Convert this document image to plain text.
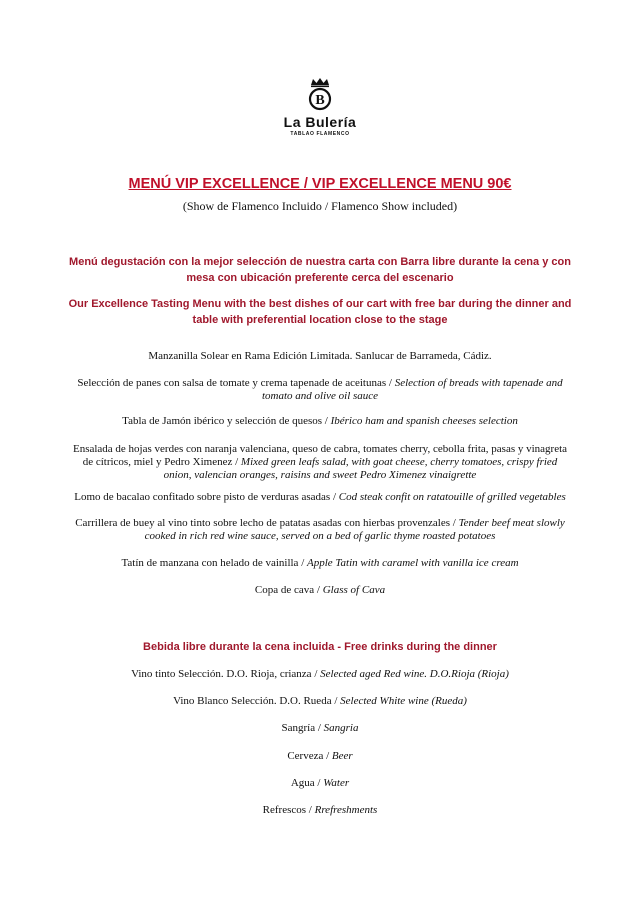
B
La Bulería
TABLAO FLAMENCO
MENÚ VIP EXCELLENCE / VIP EXCELLENCE MENU 90€
(Show de Flamenco Incluido / Flamenco Show included)
Menú degustación con la mejor selección de nuestra carta con Barra libre durante la cena y con mesa con ubicación preferente cerca del escenario
Our Excellence Tasting Menu with the best dishes of our cart with free bar during the dinner and table with preferential location close to the stage
Manzanilla Solear en Rama Edición Limitada. Sanlucar de Barrameda, Cádiz.
Selección de panes con salsa de tomate y crema tapenade de aceitunas / Selection of breads with tapenade and tomato and olive oil sauce
Tabla de Jamón ibérico y selección de quesos / Ibérico ham and spanish cheeses selection
Ensalada de hojas verdes con naranja valenciana, queso de cabra, tomates cherry, cebolla frita, pasas y vinagreta de cítricos, miel y Pedro Ximenez / Mixed green leafs salad, with goat cheese, cherry tomatoes, crispy fried onion, valencian oranges, raisins and sweet Pedro Ximenez vinaigrette
Lomo de bacalao confitado sobre pisto de verduras asadas / Cod steak confit on ratatouille of grilled vegetables
Carrillera de buey al vino tinto sobre lecho de patatas asadas con hierbas provenzales / Tender beef meat slowly cooked in rich red wine sauce, served on a bed of garlic thyme roasted potatoes
Tatín de manzana con helado de vainilla / Apple Tatin with caramel with vanilla ice cream
Copa de cava / Glass of Cava
Bebida libre durante la cena incluida - Free drinks during the dinner
Vino tinto Selección. D.O. Rioja, crianza / Selected aged Red wine. D.O.Rioja (Rioja)
Vino Blanco Selección. D.O. Rueda / Selected White wine (Rueda)
Sangría / Sangria
Cerveza / Beer
Agua / Water
Refrescos / Rrefreshments
